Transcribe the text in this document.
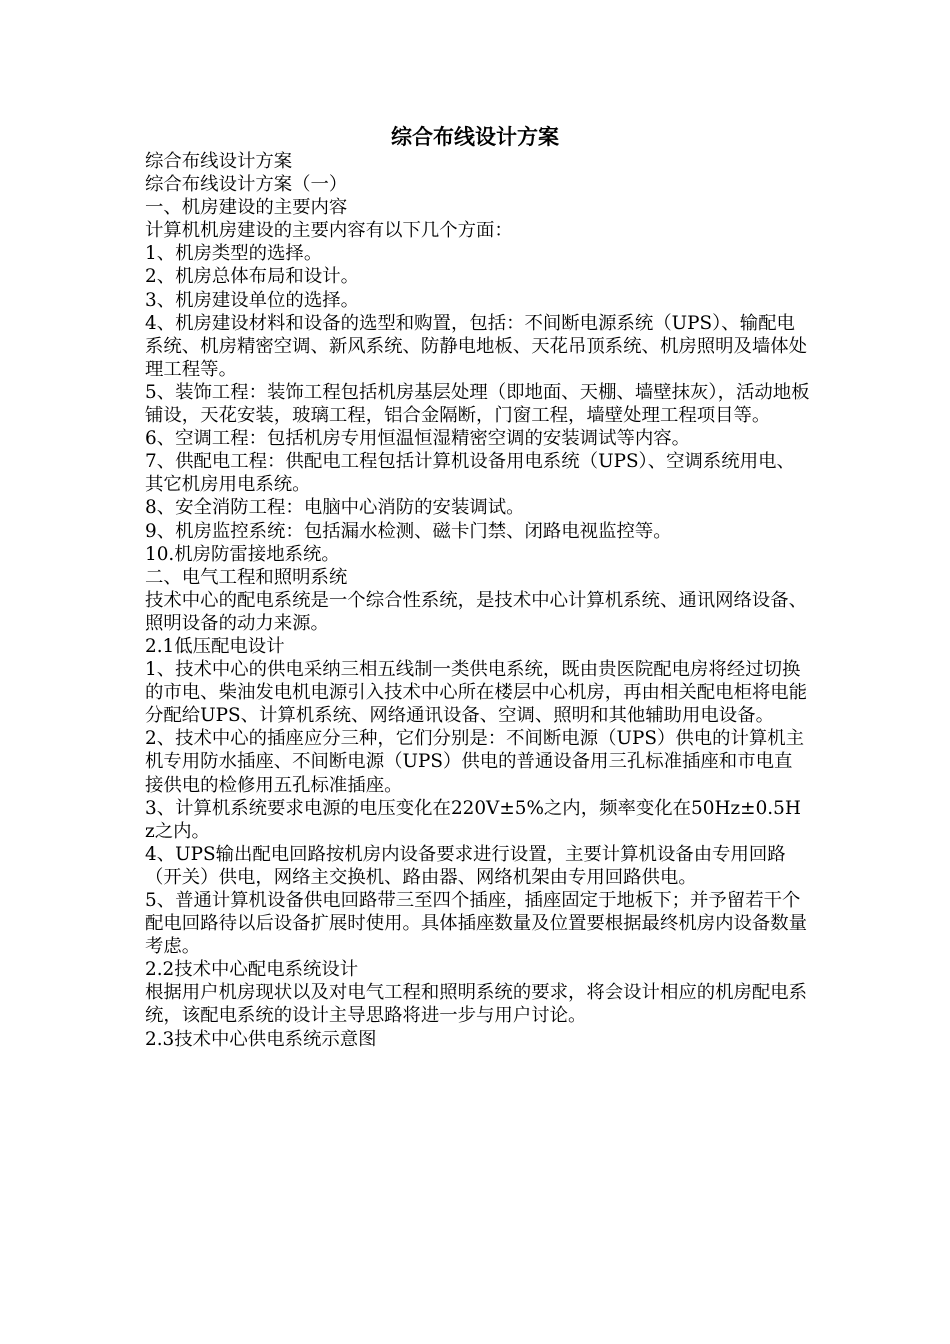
综合布线设计方案

综合布线设计方案

综合布线设计方案（一）

一、机房建设的主要内容

计算机机房建设的主要内容有以下几个方面：

1、机房类型的选择。

2、机房总体布局和设计。

3、机房建设单位的选择。

4、机房建设材料和设备的选型和购置，包括：不间断电源系统（UPS）、输配电系统、机房精密空调、新风系统、防静电地板、天花吊顶系统、机房照明及墙体处理工程等。

5、装饰工程：装饰工程包括机房基层处理（即地面、天棚、墙壁抹灰），活动地板铺设，天花安装，玻璃工程，铝合金隔断，门窗工程，墙壁处理工程项目等。

6、空调工程：包括机房专用恒温恒湿精密空调的安装调试等内容。

7、供配电工程：供配电工程包括计算机设备用电系统（UPS）、空调系统用电、其它机房用电系统。

8、安全消防工程：电脑中心消防的安装调试。

9、机房监控系统：包括漏水检测、磁卡门禁、闭路电视监控等。

10.机房防雷接地系统。

二、电气工程和照明系统

技术中心的配电系统是一个综合性系统，是技术中心计算机系统、通讯网络设备、照明设备的动力来源。

2.1低压配电设计

1、技术中心的供电采纳三相五线制一类供电系统，既由贵医院配电房将经过切换的市电、柴油发电机电源引入技术中心所在楼层中心机房，再由相关配电柜将电能分配给UPS、计算机系统、网络通讯设备、空调、照明和其他辅助用电设备。

2、技术中心的插座应分三种，它们分别是：不间断电源（UPS）供电的计算机主机专用防水插座、不间断电源（UPS）供电的普通设备用三孔标准插座和市电直接供电的检修用五孔标准插座。

3、计算机系统要求电源的电压变化在220V±5%之内，频率变化在50Hz±0.5Hz之内。

4、UPS输出配电回路按机房内设备要求进行设置，主要计算机设备由专用回路（开关）供电，网络主交换机、路由器、网络机架由专用回路供电。

5、普通计算机设备供电回路带三至四个插座，插座固定于地板下；并予留若干个配电回路待以后设备扩展时使用。具体插座数量及位置要根据最终机房内设备数量考虑。

2.2技术中心配电系统设计

根据用户机房现状以及对电气工程和照明系统的要求，将会设计相应的机房配电系统，该配电系统的设计主导思路将进一步与用户讨论。

2.3技术中心供电系统示意图
